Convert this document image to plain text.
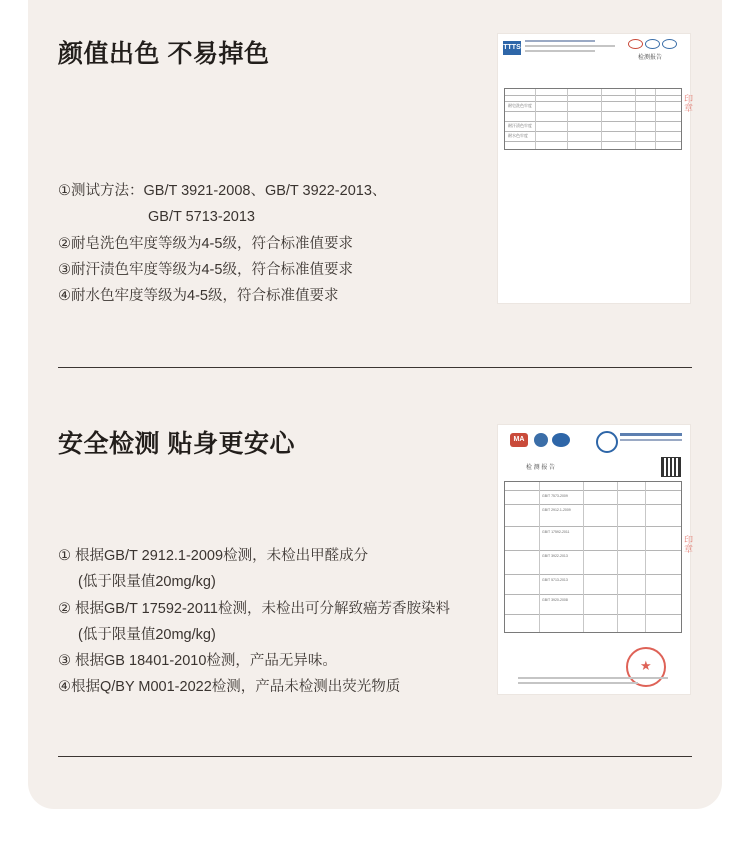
颜值出色 不易掉色
①测试方法：GB/T 3921-2008、GB/T 3922-2013、
GB/T 5713-2013
②耐皂洗色牢度等级为4-5级，符合标准值要求
③耐汗渍色牢度等级为4-5级，符合标准值要求
④耐水色牢度等级为4-5级，符合标准值要求
TTTS
检测报告
耐皂洗色牢度
耐汗渍色牢度
耐水色牢度
印章
安全检测 贴身更安心
① 根据GB/T 2912.1-2009检测，未检出甲醛成分
(低于限量值20mg/kg)
② 根据GB/T 17592-2011检测，未检出可分解致癌芳香胺染料
(低于限量值20mg/kg)
③ 根据GB 18401-2010检测，产品无异味。
④根据Q/BY M001-2022检测，产品未检测出荧光物质
MA
检 测 报 告
GB/T 7573-2009
GB/T 2912.1-2009
GB/T 17592-2011
GB/T 3922-2013
GB/T 5713-2013
GB/T 3920-2008
★
印章
